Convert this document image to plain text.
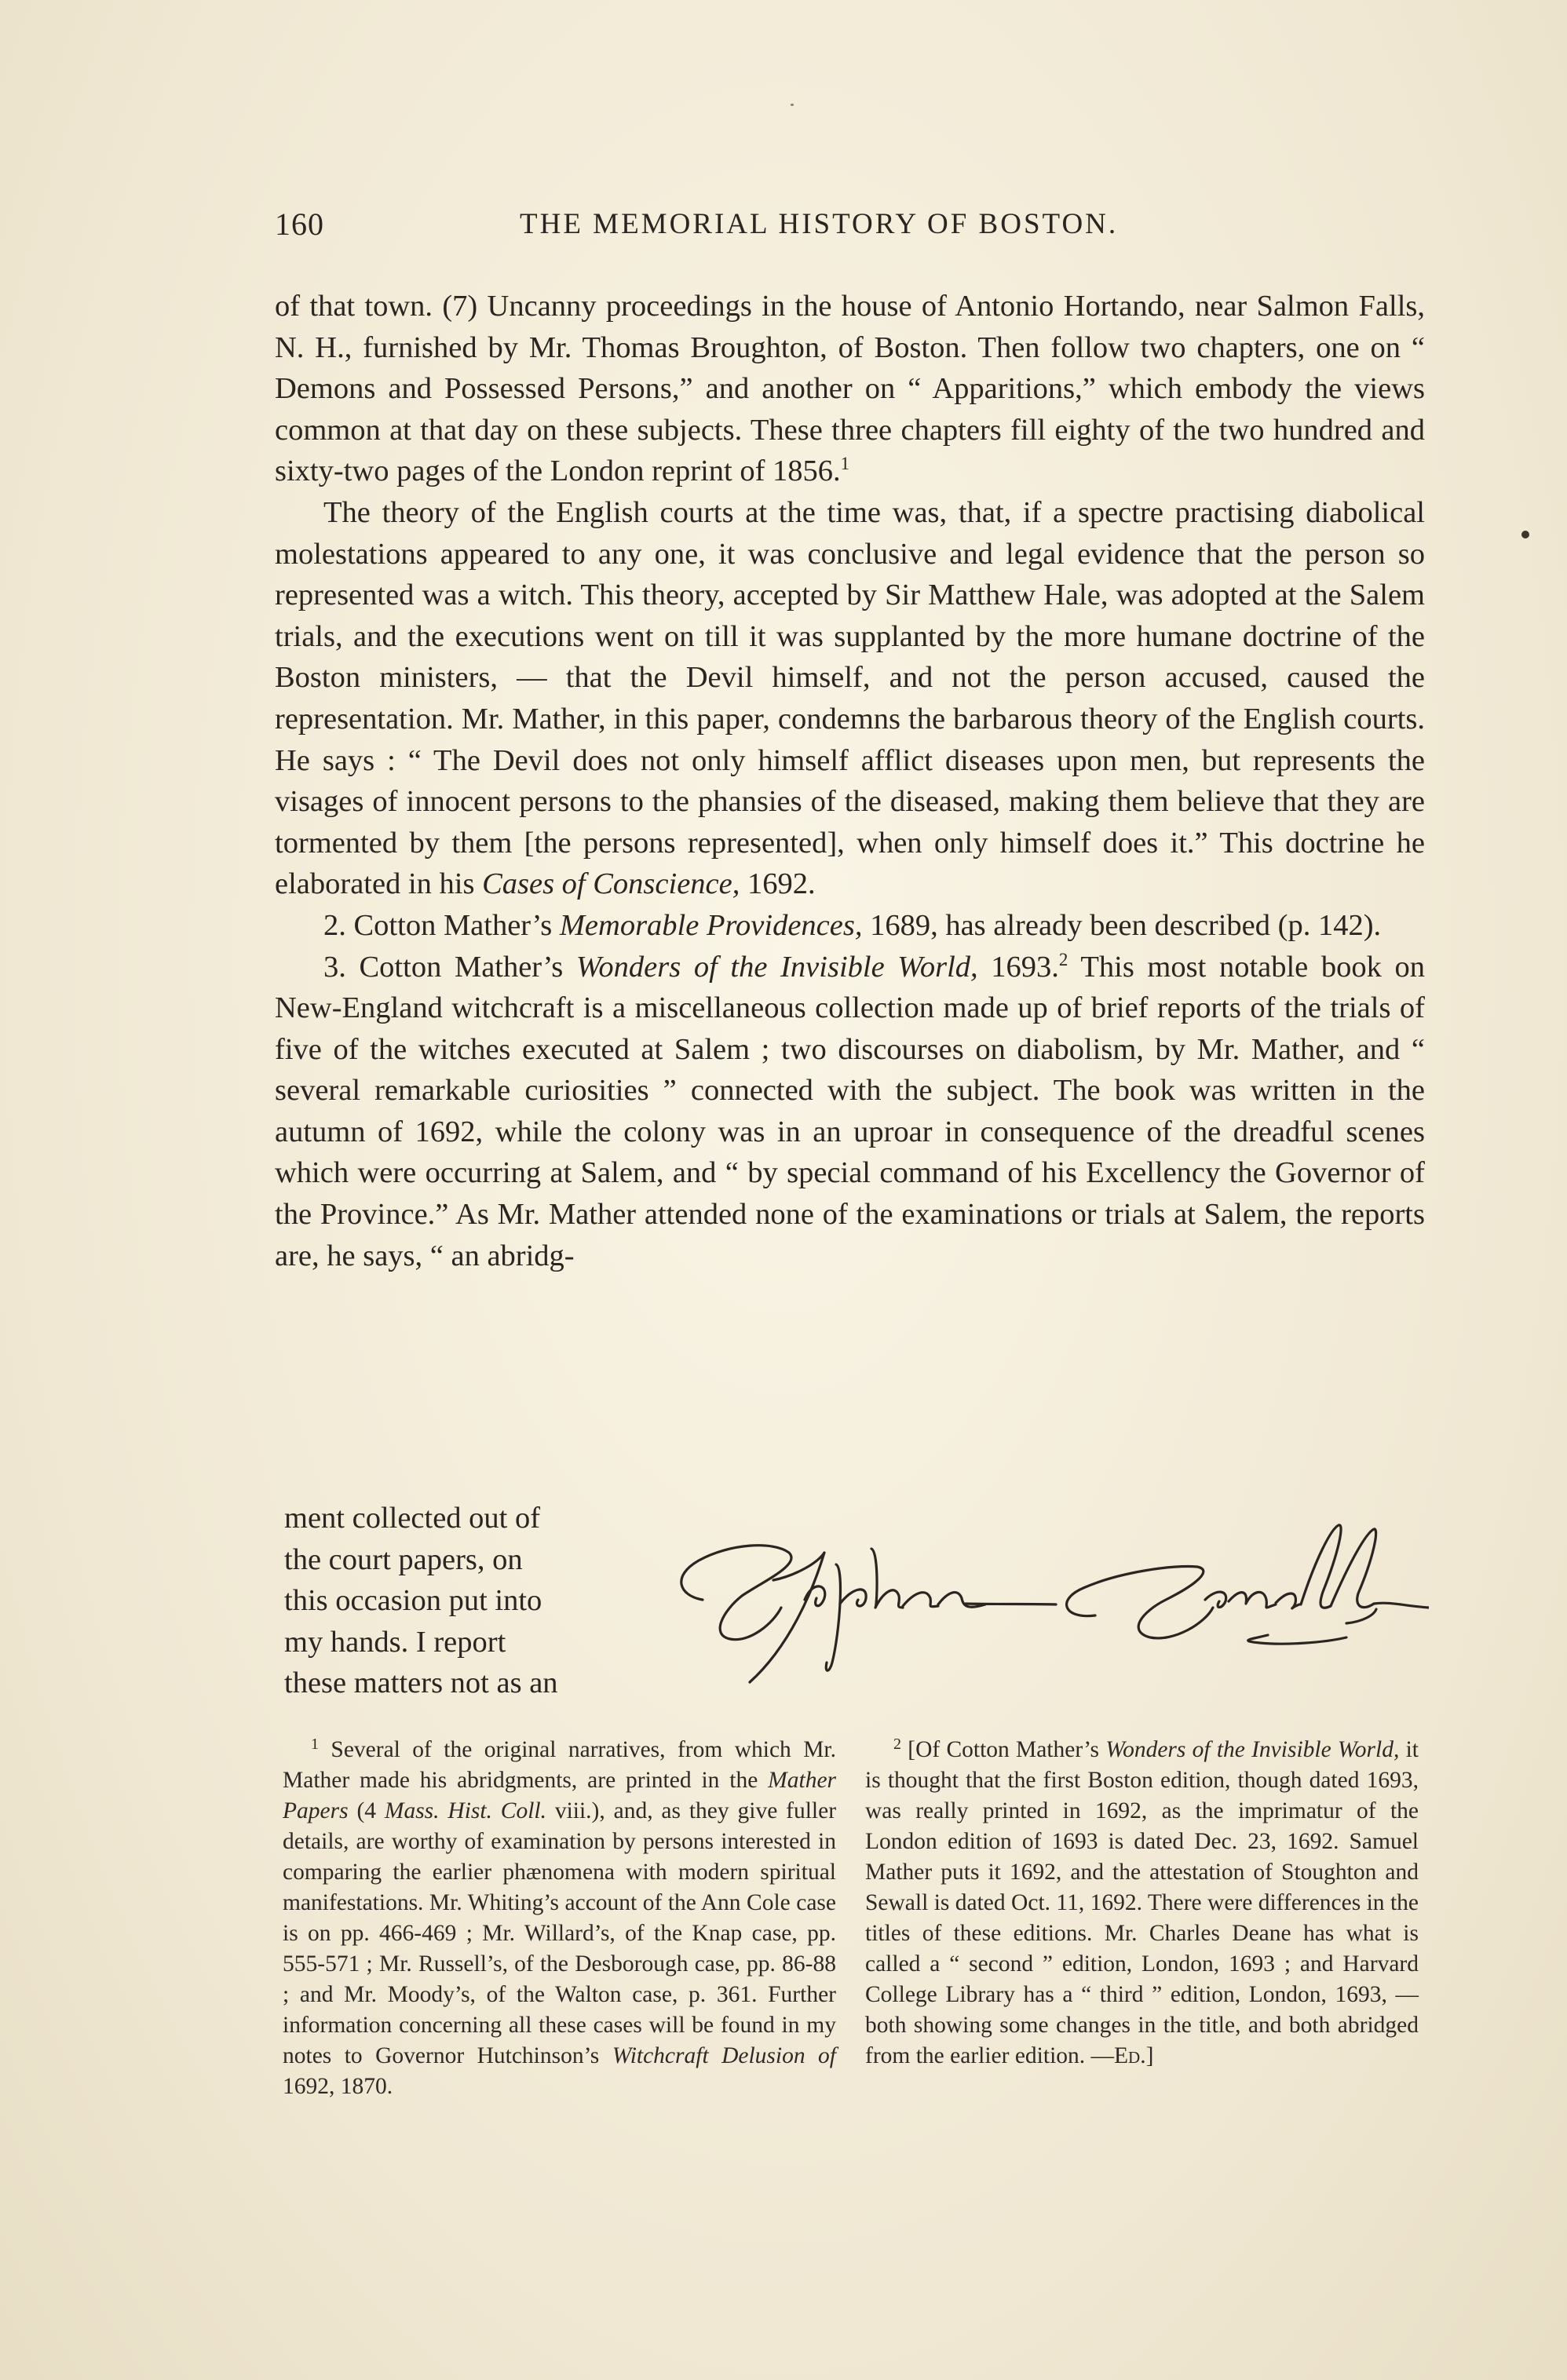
160	THE MEMORIAL HISTORY OF BOSTON.

of that town. (7) Uncanny proceedings in the house of Antonio Hortando, near Salmon Falls, N. H., furnished by Mr. Thomas Broughton, of Boston. Then follow two chapters, one on “ Demons and Possessed Persons,” and another on “ Apparitions,” which embody the views common at that day on these subjects. These three chapters fill eighty of the two hundred and sixty-two pages of the London reprint of 1856.$^1$

The theory of the English courts at the time was, that, if a spectre practising diabolical molestations appeared to any one, it was conclusive and legal evidence that the person so represented was a witch. This theory, accepted by Sir Matthew Hale, was adopted at the Salem trials, and the executions went on till it was supplanted by the more humane doctrine of the Boston ministers, — that the Devil himself, and not the person accused, caused the representation. Mr. Mather, in this paper, condemns the barbarous theory of the English courts. He says : “ The Devil does not only himself afflict diseases upon men, but represents the visages of innocent persons to the phansies of the diseased, making them believe that they are tormented by them [the persons represented], when only himself does it.” This doctrine he elaborated in his Cases of Conscience, 1692.

2. Cotton Mather’s Memorable Providences, 1689, has already been described (p. 142).

3. Cotton Mather’s Wonders of the Invisible World, 1693.$^2$ This most notable book on New-England witchcraft is a miscellaneous collection made up of brief reports of the trials of five of the witches executed at Salem ; two discourses on diabolism, by Mr. Mather, and “ several remarkable curiosities ” connected with the subject. The book was written in the autumn of 1692, while the colony was in an uproar in consequence of the dreadful scenes which were occurring at Salem, and “ by special command of his Excellency the Governor of the Province.” As Mr. Mather attended none of the examinations or trials at Salem, the reports are, he says, “ an abridg-

ment collected out of
the court papers, on
this occasion put into
my hands. I report
these matters not as an

$^1$ Several of the original narratives, from which Mr. Mather made his abridgments, are printed in the Mather Papers (4 Mass. Hist. Coll. viii.), and, as they give fuller details, are worthy of examination by persons interested in comparing the earlier phænomena with modern spiritual manifestations. Mr. Whiting’s account of the Ann Cole case is on pp. 466-469 ; Mr. Willard’s, of the Knap case, pp. 555-571 ; Mr. Russell’s, of the Desborough case, pp. 86-88 ; and Mr. Moody’s, of the Walton case, p. 361. Further information concerning all these cases will be found in my notes to Governor Hutchinson’s Witchcraft Delusion of 1692, 1870.

$^2$ [Of Cotton Mather’s Wonders of the Invisible World, it is thought that the first Boston edition, though dated 1693, was really printed in 1692, as the imprimatur of the London edition of 1693 is dated Dec. 23, 1692. Samuel Mather puts it 1692, and the attestation of Stoughton and Sewall is dated Oct. 11, 1692. There were differences in the titles of these editions. Mr. Charles Deane has what is called a “ second ” edition, London, 1693 ; and Harvard College Library has a “ third ” edition, London, 1693, — both showing some changes in the title, and both abridged from the earlier edition. —Ed.]
